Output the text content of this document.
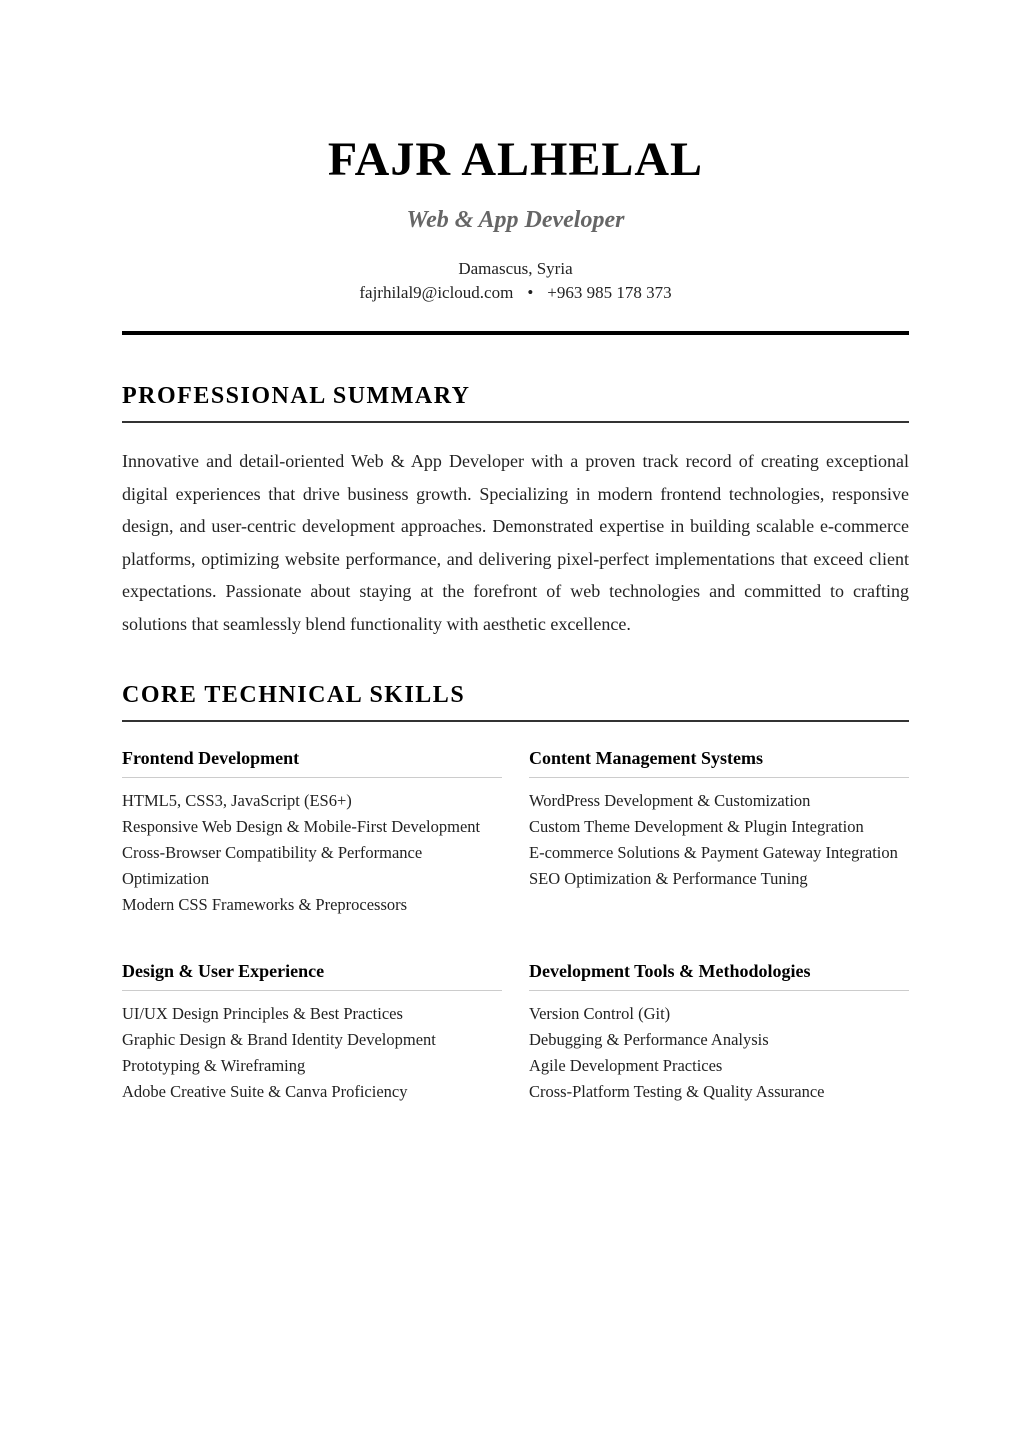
FAJR ALHELAL
Web & App Developer
Damascus, Syria
fajrhilal9@icloud.com • +963 985 178 373
PROFESSIONAL SUMMARY

Innovative and detail-oriented Web & App Developer with a proven track record of creating exceptional digital experiences that drive business growth. Specializing in modern frontend technologies, responsive design, and user-centric development approaches. Demonstrated expertise in building scalable e-commerce platforms, optimizing website performance, and delivering pixel-perfect implementations that exceed client expectations. Passionate about staying at the forefront of web technologies and committed to crafting solutions that seamlessly blend functionality with aesthetic excellence.

CORE TECHNICAL SKILLS
Frontend Development
HTML5, CSS3, JavaScript (ES6+)
Responsive Web Design & Mobile-First Development
Cross-Browser Compatibility & Performance Optimization
Modern CSS Frameworks & Preprocessors
Content Management Systems
WordPress Development & Customization
Custom Theme Development & Plugin Integration
E-commerce Solutions & Payment Gateway Integration
SEO Optimization & Performance Tuning
Design & User Experience
UI/UX Design Principles & Best Practices
Graphic Design & Brand Identity Development
Prototyping & Wireframing
Adobe Creative Suite & Canva Proficiency
Development Tools & Methodologies
Version Control (Git)
Debugging & Performance Analysis
Agile Development Practices
Cross-Platform Testing & Quality Assurance
